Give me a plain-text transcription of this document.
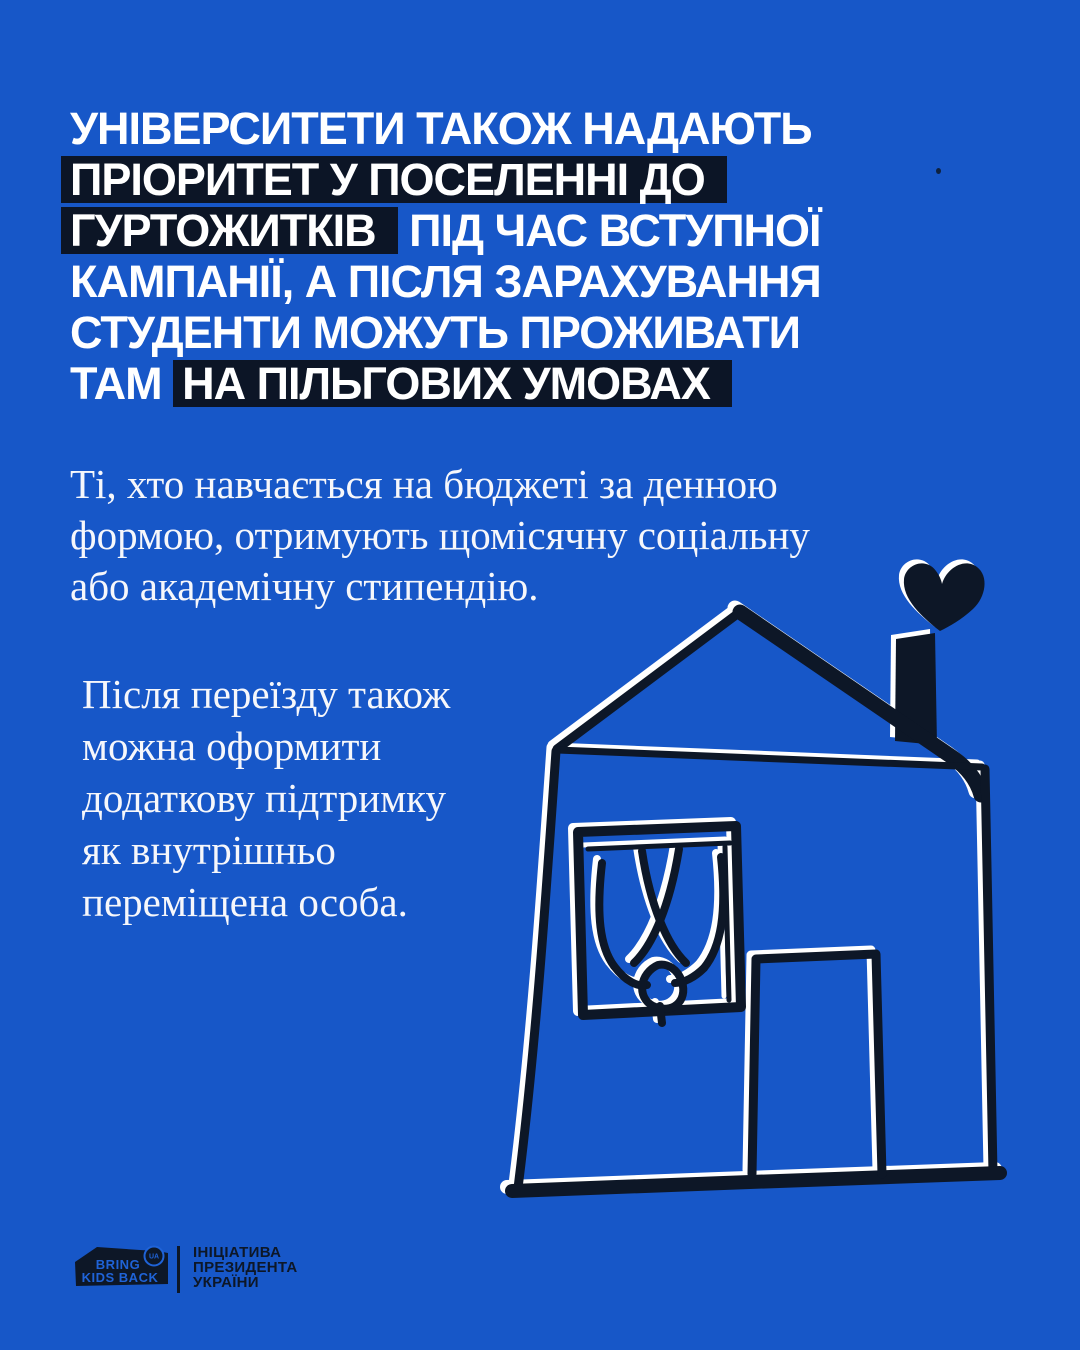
УНІВЕРСИТЕТИ ТАКОЖ НАДАЮТЬ
ПРІОРИТЕТ У ПОСЕЛЕННІ ДО
ГУРТОЖИТКІВ ПІД ЧАС ВСТУПНОЇ
КАМПАНІЇ, А ПІСЛЯ ЗАРАХУВАННЯ
СТУДЕНТИ МОЖУТЬ ПРОЖИВАТИ
ТАМ НА ПІЛЬГОВИХ УМОВАХ
Ті, хто навчається на бюджеті за денною
формою, отримують щомісячну соціальну
або академічну стипендію.
Після переїзду також
можна оформити
додаткову підтримку
як внутрішньо
переміщена особа.
UA
BRING
KIDS BACK
ІНІЦІАТИВА
ПРЕЗИДЕНТА
УКРАЇНИ
